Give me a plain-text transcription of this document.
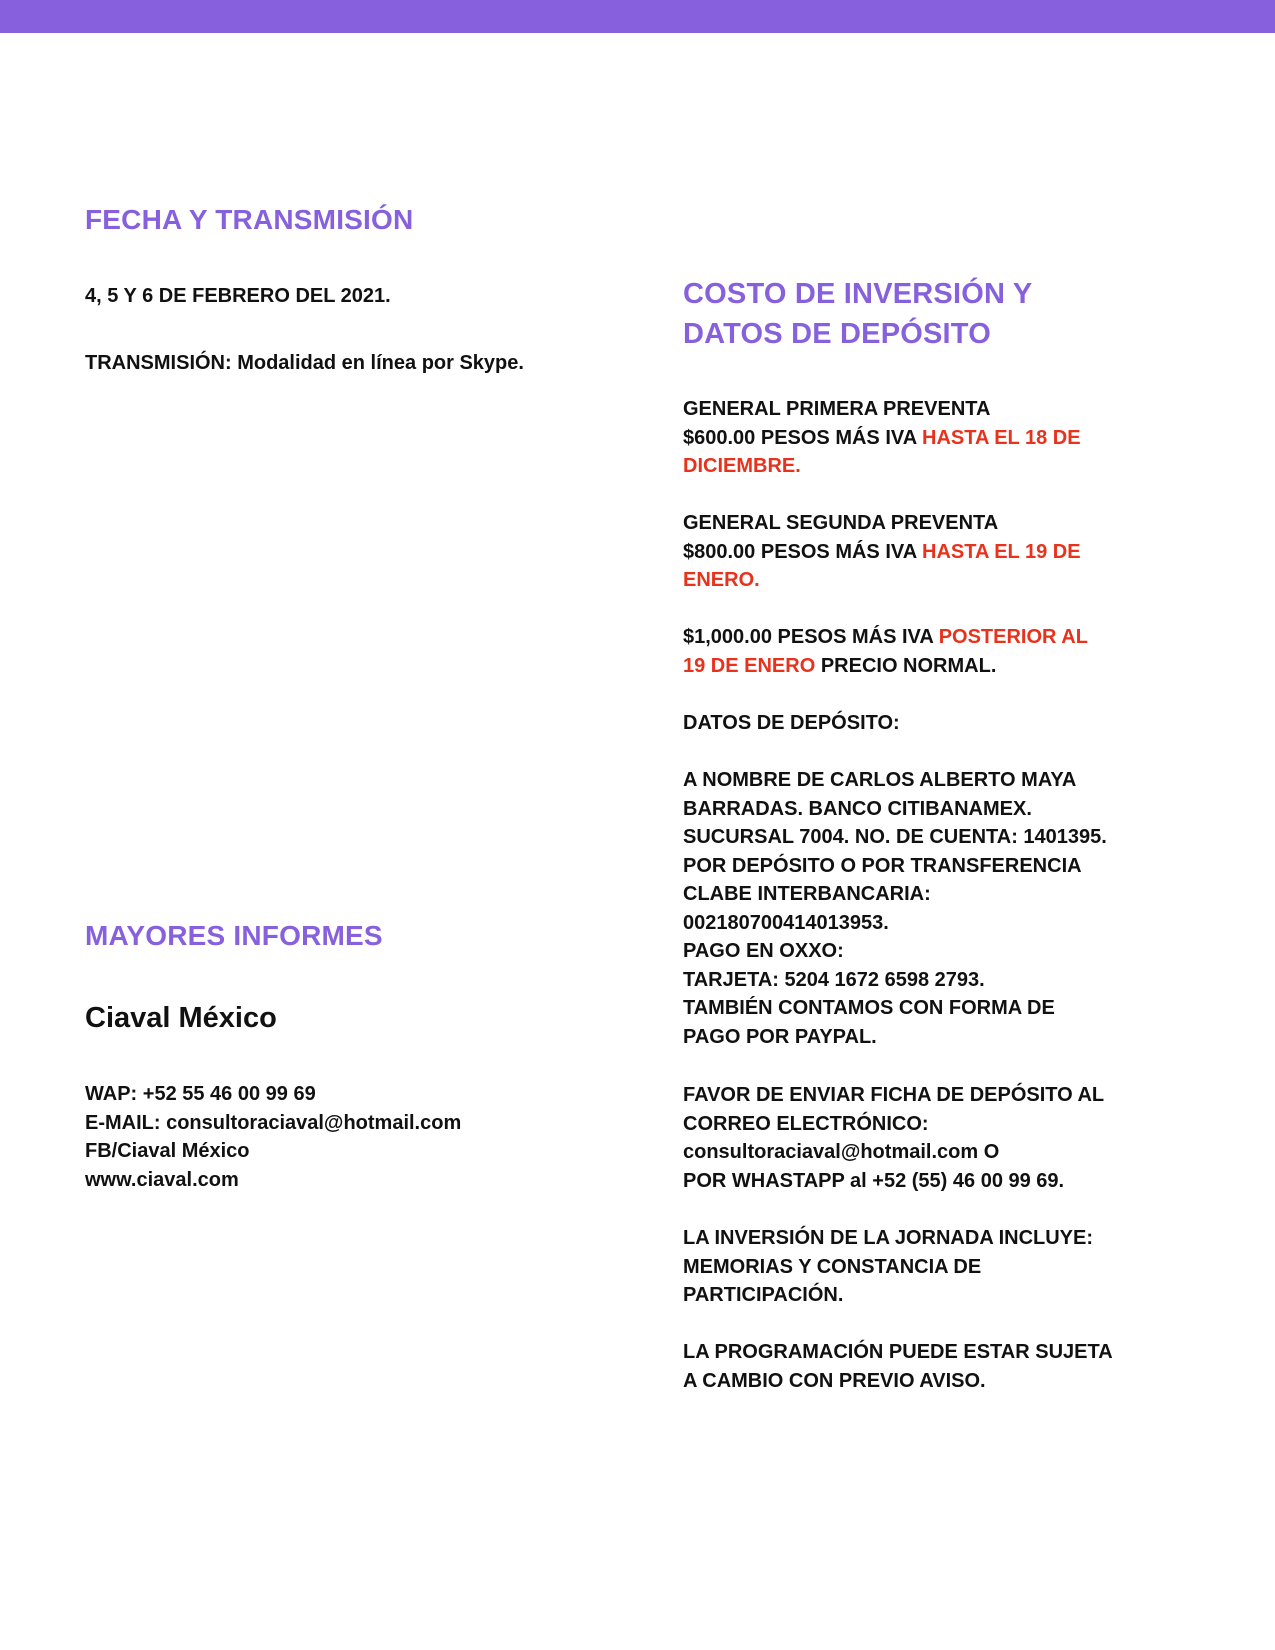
FECHA Y TRANSMISIÓN

4, 5 Y 6 DE FEBRERO DEL 2021.

TRANSMISIÓN: Modalidad en línea por Skype.

MAYORES INFORMES

Ciaval México

WAP: +52 55 46 00 99 69
E-MAIL: consultoraciaval@hotmail.com
FB/Ciaval México
www.ciaval.com
COSTO DE INVERSIÓN Y
DATOS DE DEPÓSITO
GENERAL PRIMERA PREVENTA
$600.00 PESOS MÁS IVA HASTA EL 18 DE
DICIEMBRE.
GENERAL SEGUNDA PREVENTA
$800.00 PESOS MÁS IVA HASTA EL 19 DE
ENERO.
$1,000.00 PESOS MÁS IVA POSTERIOR AL
19 DE ENERO PRECIO NORMAL.

DATOS DE DEPÓSITO:

A NOMBRE DE CARLOS ALBERTO MAYA
BARRADAS. BANCO CITIBANAMEX.
SUCURSAL 7004. NO. DE CUENTA: 1401395.
POR DEPÓSITO O POR TRANSFERENCIA
CLABE INTERBANCARIA:
002180700414013953.
PAGO EN OXXO:
TARJETA: 5204 1672 6598 2793.
TAMBIÉN CONTAMOS CON FORMA DE
PAGO POR PAYPAL.
FAVOR DE ENVIAR FICHA DE DEPÓSITO AL
CORREO ELECTRÓNICO:
consultoraciaval@hotmail.com O
POR WHASTAPP al +52 (55) 46 00 99 69.
LA INVERSIÓN DE LA JORNADA INCLUYE:
MEMORIAS Y CONSTANCIA DE
PARTICIPACIÓN.
LA PROGRAMACIÓN PUEDE ESTAR SUJETA
A CAMBIO CON PREVIO AVISO.
